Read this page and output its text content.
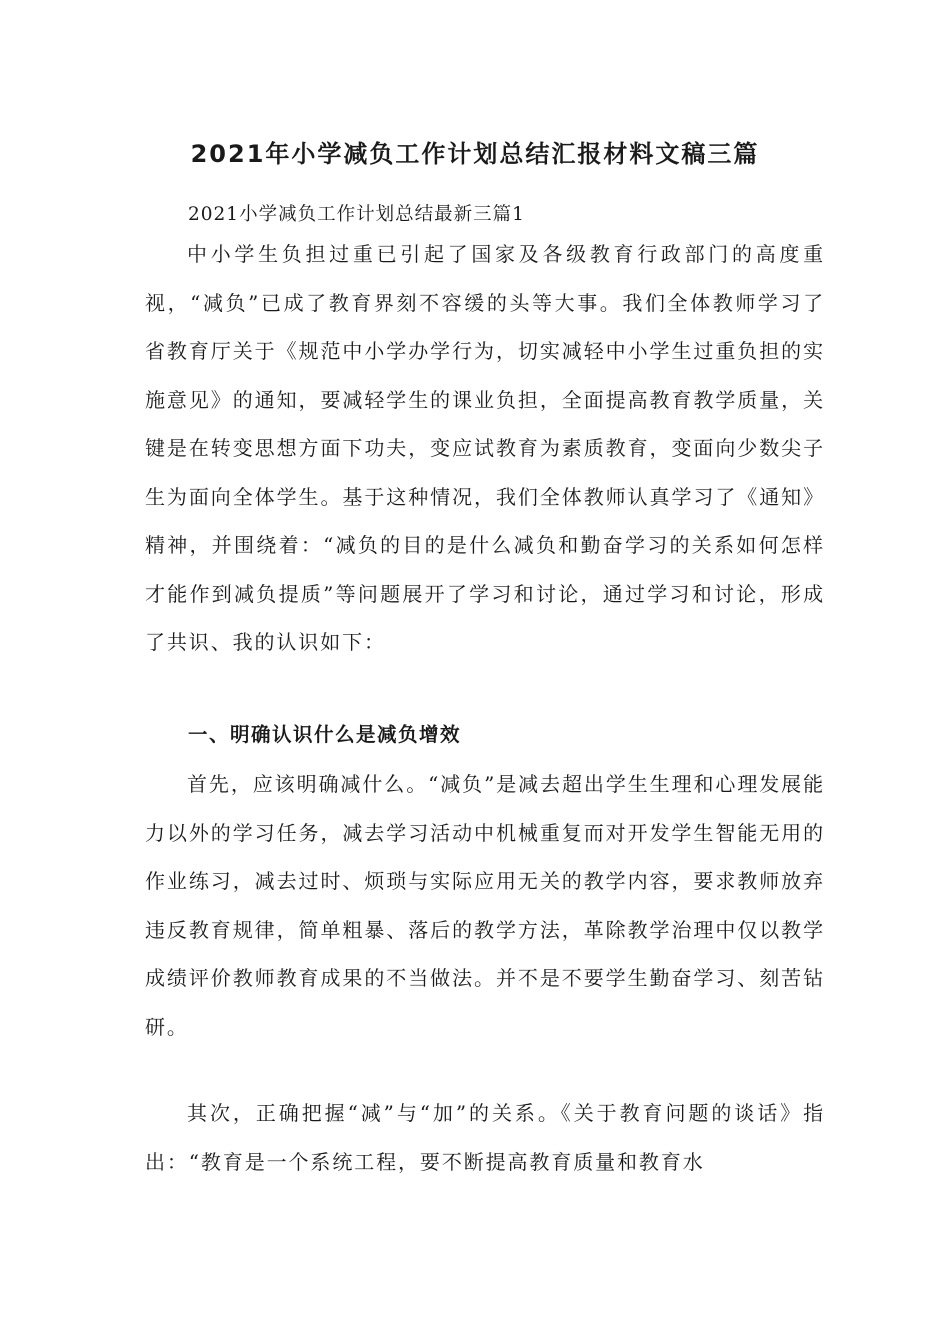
2021年小学减负工作计划总结汇报材料文稿三篇

2021小学减负工作计划总结最新三篇1

中小学生负担过重已引起了国家及各级教育行政部门的高度重视，“减负”已成了教育界刻不容缓的头等大事。我们全体教师学习了省教育厅关于《规范中小学办学行为，切实减轻中小学生过重负担的实施意见》的通知，要减轻学生的课业负担，全面提高教育教学质量，关键是在转变思想方面下功夫，变应试教育为素质教育，变面向少数尖子生为面向全体学生。基于这种情况，我们全体教师认真学习了《通知》精神，并围绕着：“减负的目的是什么减负和勤奋学习的关系如何怎样才能作到减负提质”等问题展开了学习和讨论，通过学习和讨论，形成了共识、我的认识如下：

一、明确认识什么是减负增效

首先，应该明确减什么。“减负”是减去超出学生生理和心理发展能力以外的学习任务，减去学习活动中机械重复而对开发学生智能无用的作业练习，减去过时、烦琐与实际应用无关的教学内容，要求教师放弃违反教育规律，简单粗暴、落后的教学方法，革除教学治理中仅以教学成绩评价教师教育成果的不当做法。并不是不要学生勤奋学习、刻苦钻研。

其次，正确把握“减”与“加”的关系。《关于教育问题的谈话》指出：“教育是一个系统工程，要不断提高教育质量和教育水
